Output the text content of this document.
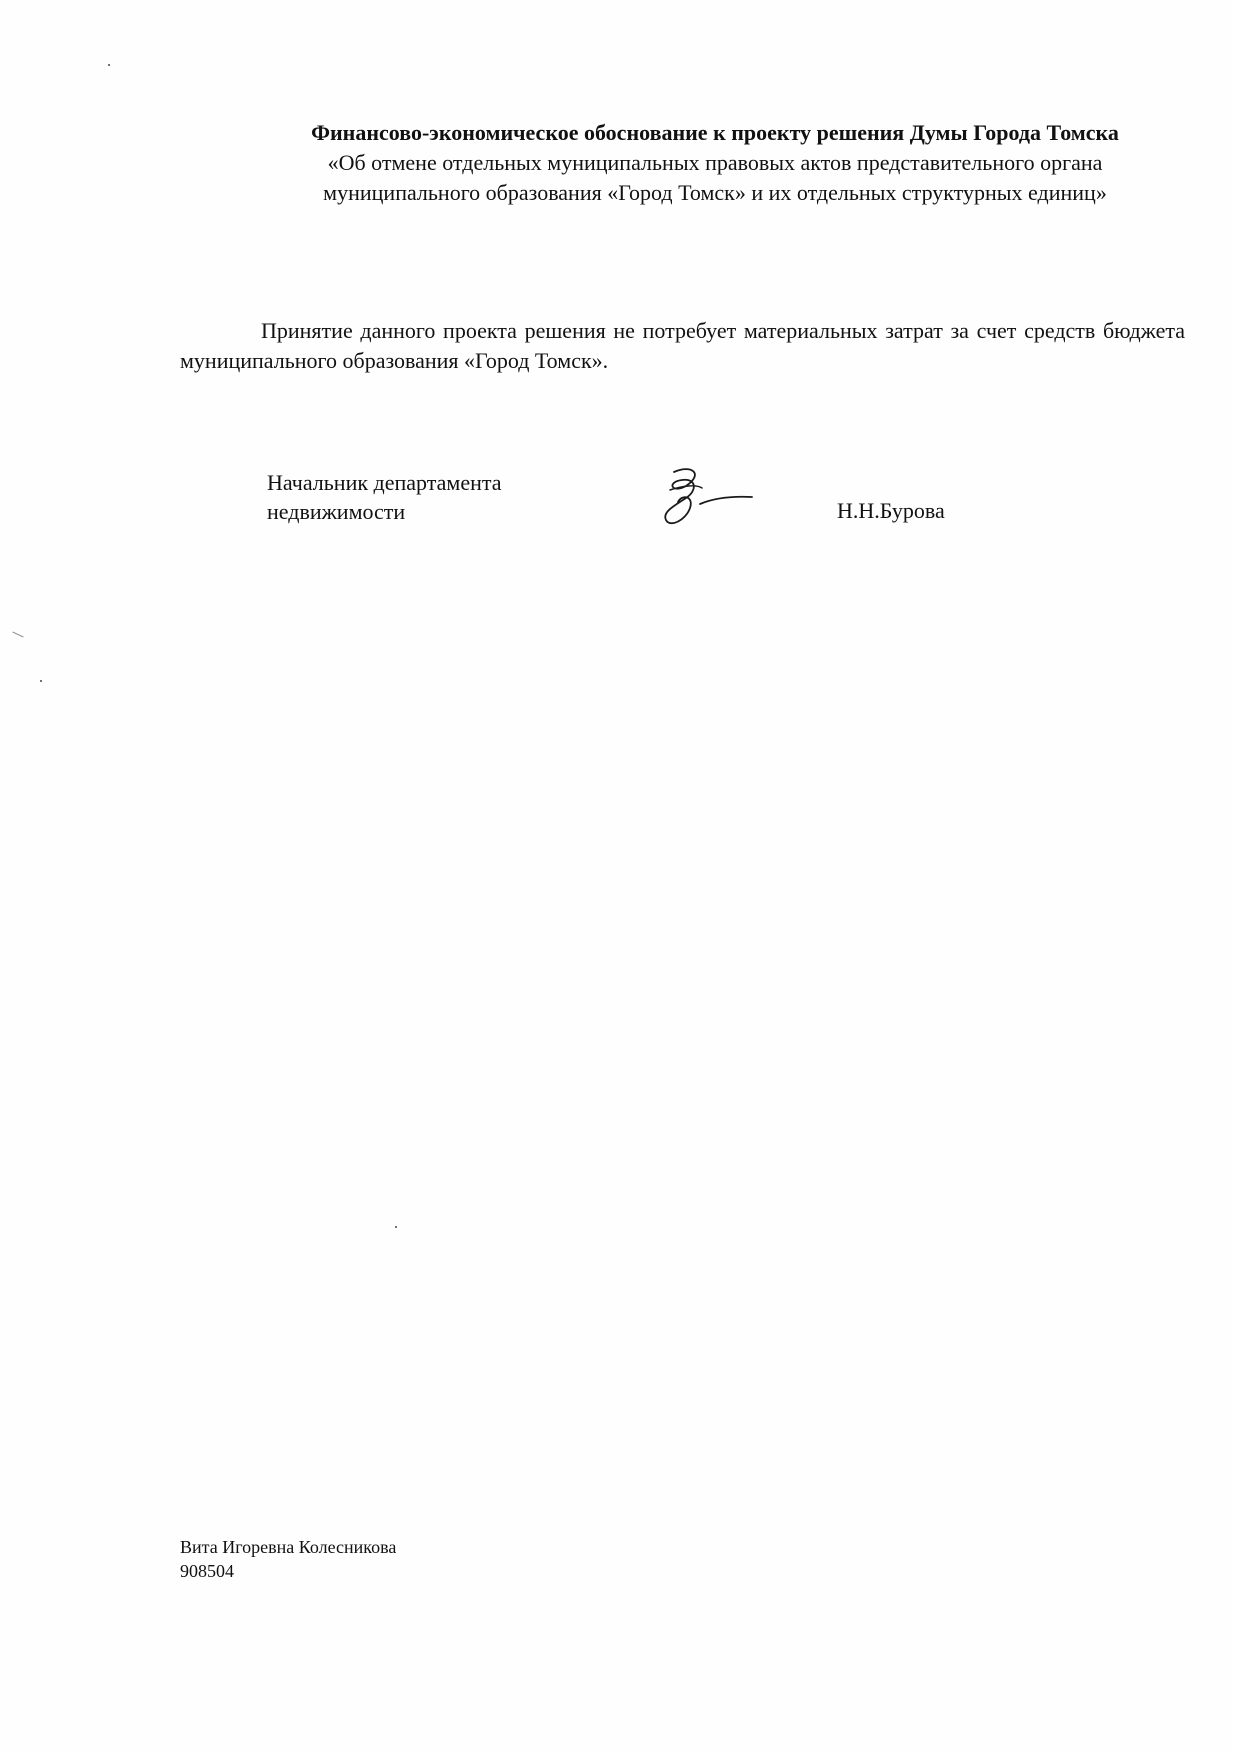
Финансово-экономическое обоснование к проекту решения Думы Города Томска
«Об отмене отдельных муниципальных правовых актов представительного органа
муниципального образования «Город Томск» и их отдельных структурных единиц»

Принятие данного проекта решения не потребует материальных затрат за счет средств бюджета муниципального образования «Город Томск».

Начальник департамента
недвижимости	Н.Н.Бурова
Вита Игоревна Колесникова
908504
